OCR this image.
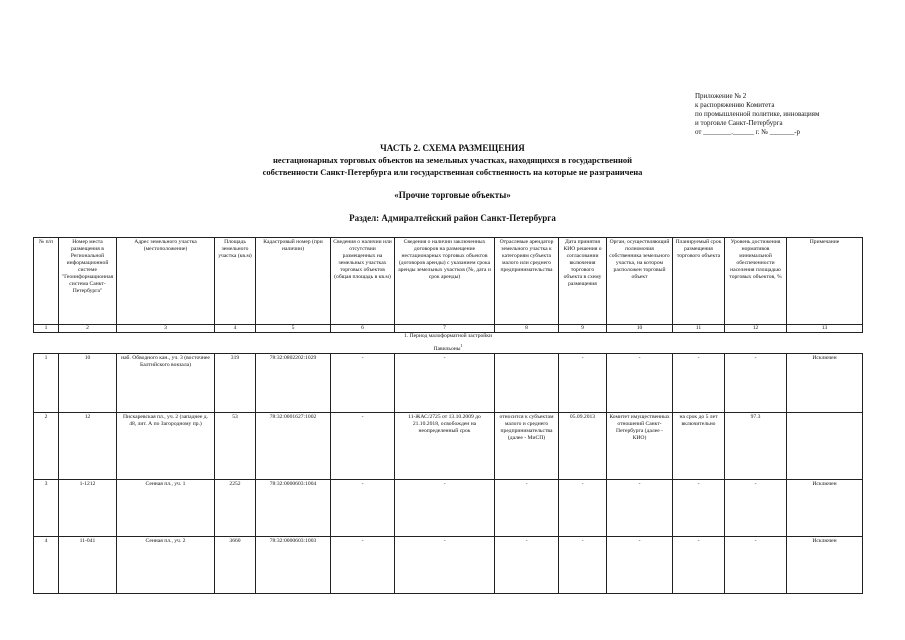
Приложение № 2
к распоряжению Комитета
по промышленной политике, инновациям
и торговле Санкт-Петербурга
от ________.______ г. № _______-р
ЧАСТЬ 2. СХЕМА РАЗМЕЩЕНИЯ
нестационарных торговых объектов на земельных участках, находящихся в государственной
собственности Санкт-Петербурга или государственная собственность на которые не разграничена
«Прочие торговые объекты»
Раздел: Адмиралтейский район Санкт-Петербурга
№ п/п	Номер места размещения в Региональной информационной системе "Геоинформационная система Санкт-Петербурга"	Адрес земельного участка (местоположение)	Площадь земельного участка (кв.м)	Кадастровый номер (при наличии)	Сведения о наличии или отсутствии размещенных на земельных участках торговых объектов (общая площадь в кв.м)	Сведения о наличии заключенных договоров на размещение нестационарных торговых объектов (договоров аренды) с указанием срока аренды земельных участков (№, дата и срок аренды)	Отраслевые арендатор земельного участка к категориям субъекта малого или среднего предпринимательства	Дата принятия КИО решения о согласовании включения торгового объекта в схему размещения	Орган, осуществляющий полномочия собственника земельного участка, на котором расположен торговый объект	Планируемый срок размещения торгового объекта	Уровень достижения нормативов минимальной обеспеченности населения площадью торговых объектов, %	Примечание
1	2	3	4	5	6	7	8	9	10	11	12	13
1. Период малоформатной застройки												
Павильоны$^1$
1	10	наб. Обводного кан., уч. 3 (восточнее Балтийского вокзала)	319	78:32:0802202:1029	-	-		-	-	-	-	Исключен
2	12	Пискаревская пл., уч. 2 (западнее д. 48, лит. А по Загородному пр.)	53	78:32:0001627:1002	-	11-ЖАС/2725 от 13.10.2009 до 21.10.2018, освобожден на неопределенный срок	относится к субъектам малого и среднего предпринимательства (далее - МиСП)	05.09.2013	Комитет имущественных отношений Санкт-Петербурга (далее - КИО)	на срок до 5 лет включительно	97.3	
3	1-1212	Сенная пл., уч. 1	2252	78:32:0000603:1004	-	-	-	-	-	-	-	Исключен
4	11-041	Сенная пл., уч. 2	3660	78:32:0000603:1003	-	-	-	-	-	-	-	Исключен
